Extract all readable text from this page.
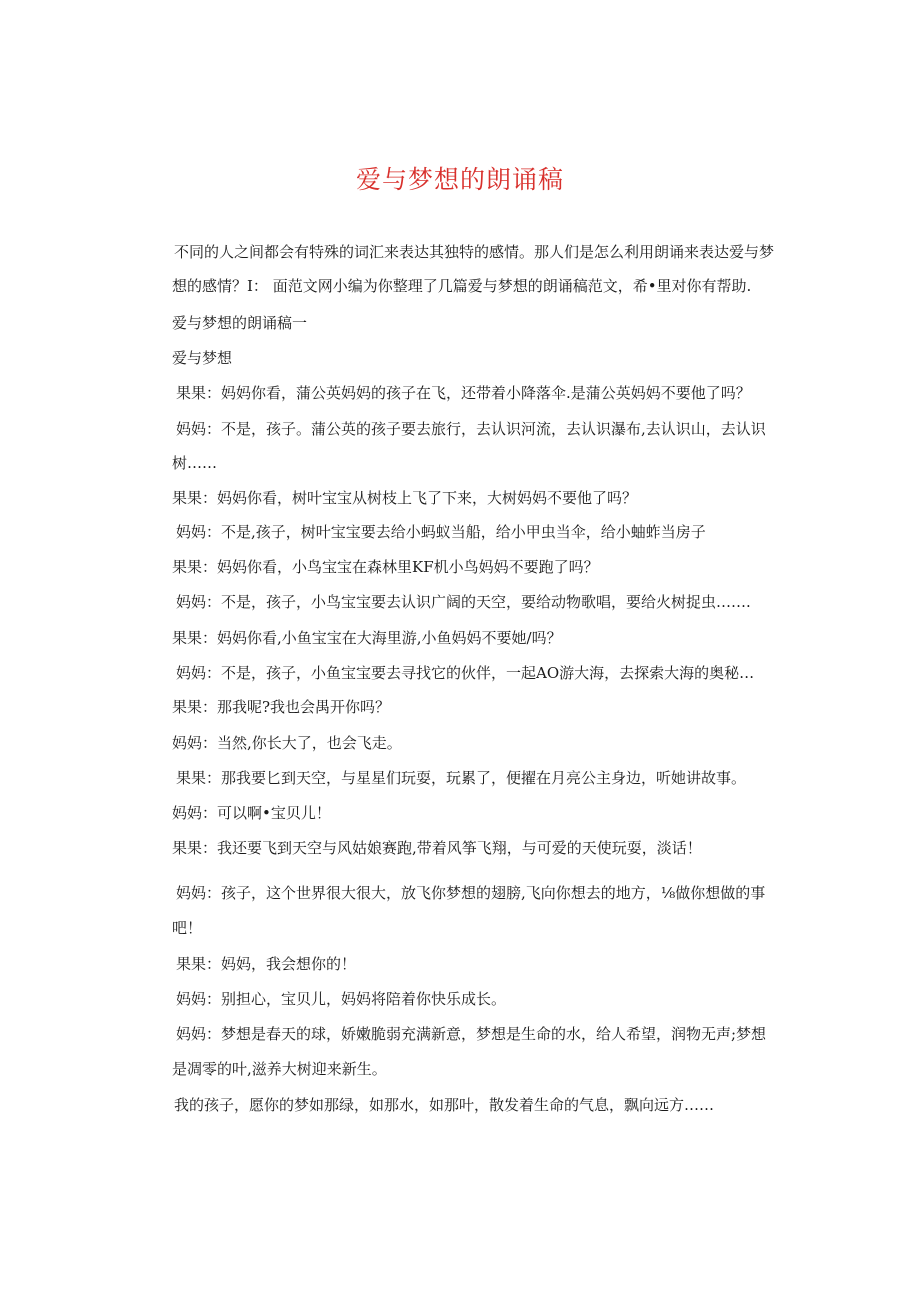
爱与梦想的朗诵稿

不同的人之间都会有特殊的词汇来表达其独特的感情。那人们是怎么利用朗诵来表达爱与梦

想的感情？I： 面范文网小编为你整理了几篇爱与梦想的朗诵稿范文，希•里对你有帮助.

爱与梦想的朗诵稿一

爱与梦想

果果：妈妈你看，蒲公英妈妈的孩子在飞，还带着小降落伞.是蒲公英妈妈不要他了吗？

妈妈：不是，孩子。蒲公英的孩子要去旅行，去认识河流，去认识瀑布,去认识山，去认识

树……

果果：妈妈你看，树叶宝宝从树枝上飞了下来，大树妈妈不要他了吗？

妈妈：不是,孩子，树叶宝宝要去给小蚂蚁当船，给小甲虫当伞，给小蚰蚱当房子

果果：妈妈你看，小鸟宝宝在森林里KF机小鸟妈妈不要跑了吗？

妈妈：不是，孩子，小鸟宝宝要去认识广阔的天空，要给动物歌唱，要给火树捉虫…….

果果：妈妈你看,小鱼宝宝在大海里游,小鱼妈妈不要她/吗？

妈妈：不是，孩子，小鱼宝宝要去寻找它的伙伴，一起AO游大海，去探索大海的奥秘…

果果：那我呢?我也会禺开你吗？

妈妈：当然,你长大了，也会飞走。

果果：那我要匕到天空，与星星们玩耍，玩累了，便擢在月亮公主身边，听她讲故事。

妈妈：可以啊•宝贝儿！

果果：我还要飞到天空与风姑娘赛跑,带着风筝飞翔，与可爱的天使玩耍，淡话！

妈妈：孩子，这个世界很大很大，放飞你梦想的翅膀,飞向你想去的地方，⅛做你想做的事

吧！

果果：妈妈，我会想你的！

妈妈：别担心，宝贝儿，妈妈将陪着你快乐成长。

妈妈：梦想是春天的球，娇嫩脆弱充满新意，梦想是生命的水，给人希望，润物无声;梦想

是凋零的叶,滋养大树迎来新生。

我的孩子，愿你的梦如那绿，如那水，如那叶，散发着生命的气息，飘向远方……
